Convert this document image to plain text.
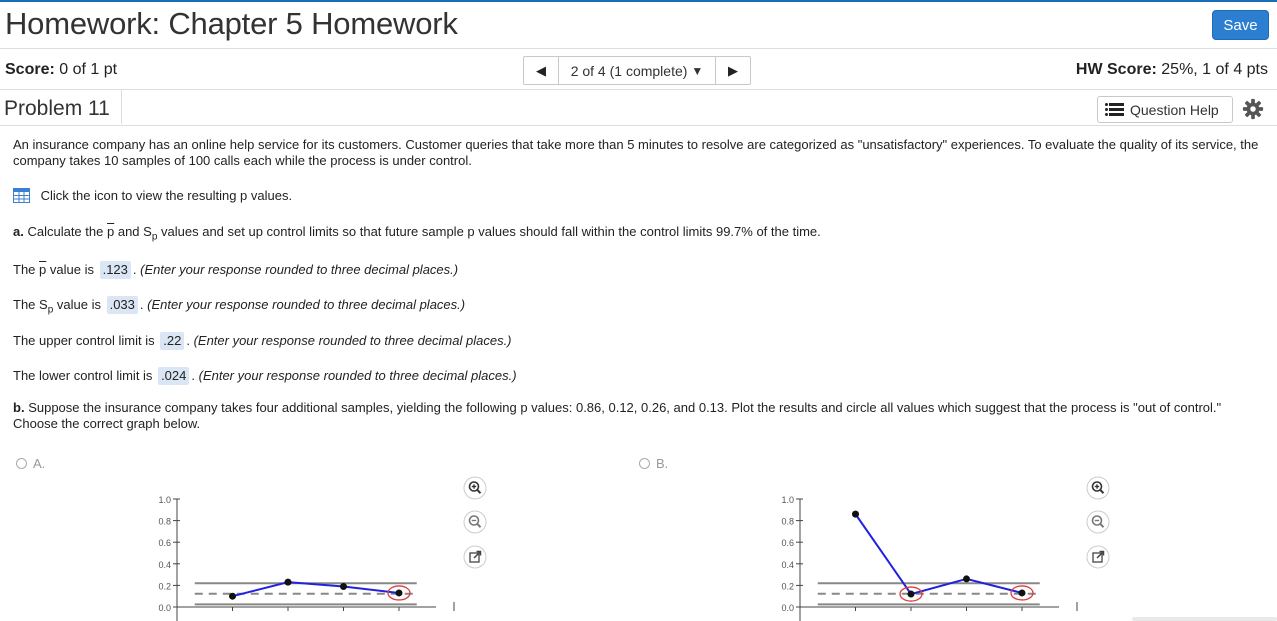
Homework: Chapter 5 Homework	Save
Score: 0 of 1 pt	◀ 2 of 4 (1 complete) ▼ ▶	HW Score: 25%, 1 of 4 pts
Problem 11	Question Help
An insurance company has an online help service for its customers. Customer queries that take more than 5 minutes to resolve are categorized as "unsatisfactory" experiences. To evaluate the quality of its service, the company takes 10 samples of 100 calls each while the process is under control.
Click the icon to view the resulting p values.
a. Calculate the $\overline{p}$ and $S_p$ values and set up control limits so that future sample p values should fall within the control limits 99.7% of the time.
The $\overline{p}$ value is .123 . (Enter your response rounded to three decimal places.)
The $S_p$ value is .033 . (Enter your response rounded to three decimal places.)
The upper control limit is .22 . (Enter your response rounded to three decimal places.)
The lower control limit is .024 . (Enter your response rounded to three decimal places.)
b. Suppose the insurance company takes four additional samples, yielding the following p values: 0.86, 0.12, 0.26, and 0.13. Plot the results and circle all values which suggest that the process is "out of control." Choose the correct graph below.
A.	B.
0.0
0.2
0.4
0.6
0.8
1.0
0.0
0.2
0.4
0.6
0.8
1.0
